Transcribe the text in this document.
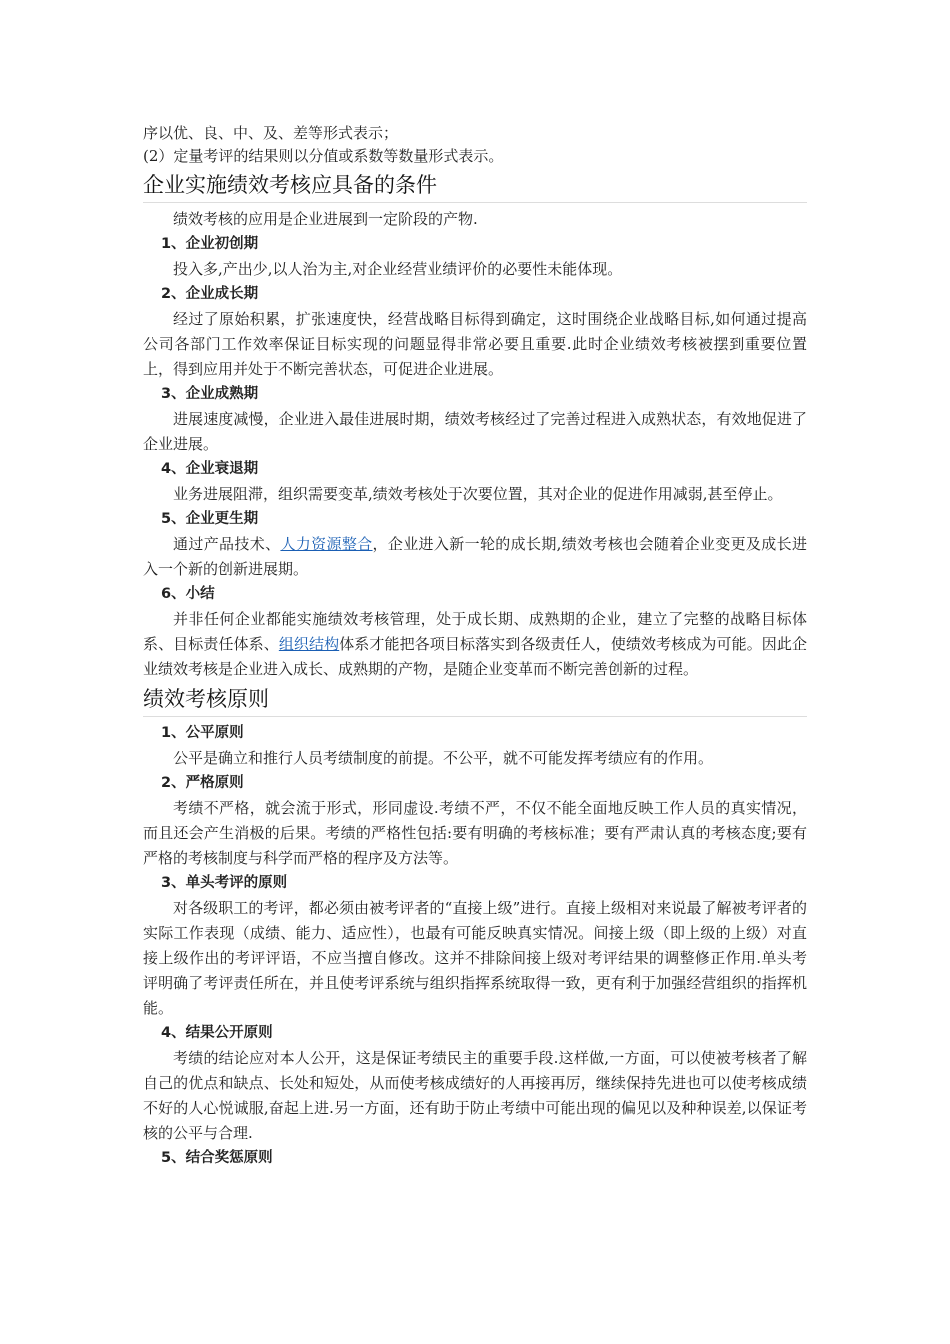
序以优、良、中、及、差等形式表示；

(2）定量考评的结果则以分值或系数等数量形式表示。

企业实施绩效考核应具备的条件

绩效考核的应用是企业进展到一定阶段的产物.

1、企业初创期

投入多,产出少,以人治为主,对企业经营业绩评价的必要性未能体现。

2、企业成长期

经过了原始积累，扩张速度快，经营战略目标得到确定，这时围绕企业战略目标,如何通过提高公司各部门工作效率保证目标实现的问题显得非常必要且重要.此时企业绩效考核被摆到重要位置上，得到应用并处于不断完善状态，可促进企业进展。

3、企业成熟期

进展速度减慢，企业进入最佳进展时期，绩效考核经过了完善过程进入成熟状态，有效地促进了企业进展。

4、企业衰退期

业务进展阻滞，组织需要变革,绩效考核处于次要位置，其对企业的促进作用减弱,甚至停止。

5、企业更生期

通过产品技术、人力资源整合，企业进入新一轮的成长期,绩效考核也会随着企业变更及成长进入一个新的创新进展期。

6、小结

并非任何企业都能实施绩效考核管理，处于成长期、成熟期的企业，建立了完整的战略目标体系、目标责任体系、组织结构体系才能把各项目标落实到各级责任人，使绩效考核成为可能。因此企业绩效考核是企业进入成长、成熟期的产物，是随企业变革而不断完善创新的过程。

绩效考核原则

1、公平原则

公平是确立和推行人员考绩制度的前提。不公平，就不可能发挥考绩应有的作用。

2、严格原则

考绩不严格，就会流于形式，形同虚设.考绩不严，不仅不能全面地反映工作人员的真实情况，而且还会产生消极的后果。考绩的严格性包括:要有明确的考核标准；要有严肃认真的考核态度;要有严格的考核制度与科学而严格的程序及方法等。

3、单头考评的原则

对各级职工的考评，都必须由被考评者的“直接上级”进行。直接上级相对来说最了解被考评者的实际工作表现（成绩、能力、适应性），也最有可能反映真实情况。间接上级（即上级的上级）对直接上级作出的考评评语，不应当擅自修改。这并不排除间接上级对考评结果的调整修正作用.单头考评明确了考评责任所在，并且使考评系统与组织指挥系统取得一致，更有利于加强经营组织的指挥机能。

4、结果公开原则

考绩的结论应对本人公开，这是保证考绩民主的重要手段.这样做,一方面，可以使被考核者了解自己的优点和缺点、长处和短处，从而使考核成绩好的人再接再厉，继续保持先进也可以使考核成绩不好的人心悦诚服,奋起上进.另一方面，还有助于防止考绩中可能出现的偏见以及种种误差,以保证考核的公平与合理.

5、结合奖惩原则
